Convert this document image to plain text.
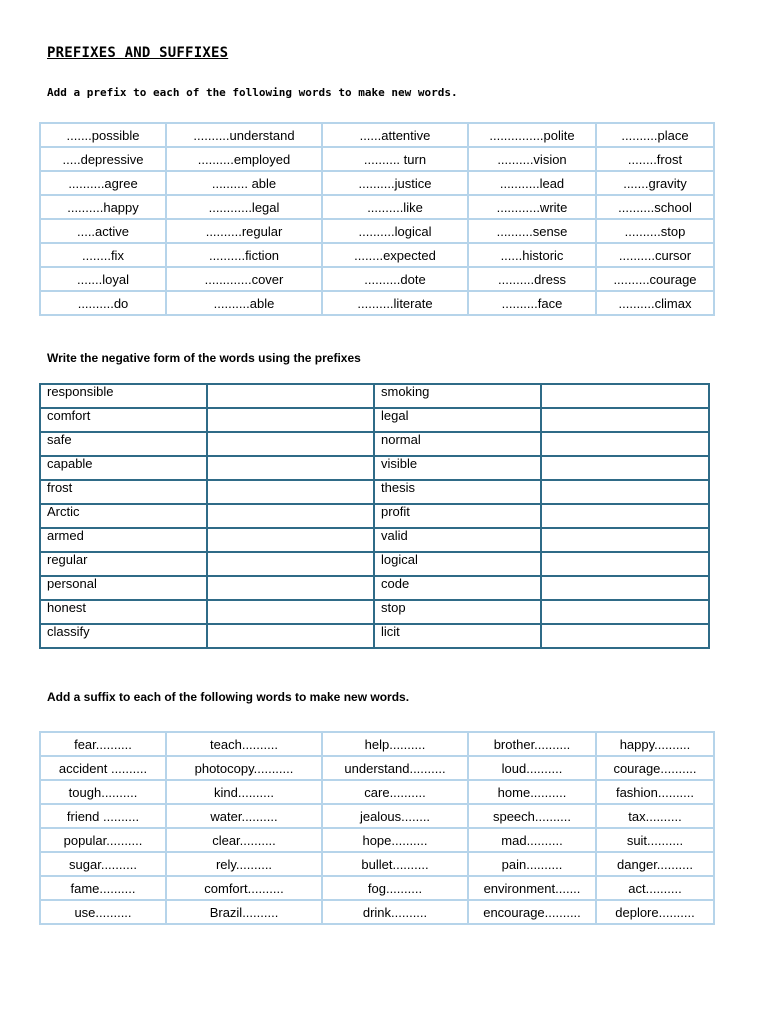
PREFIXES AND SUFFIXES
Add a prefix to each of the following words to make new words.
.......possible	..........understand	......attentive	...............polite	..........place
.....depressive	..........employed	.......... turn	..........vision	........frost
..........agree	.......... able	..........justice	...........lead	.......gravity
..........happy	............legal	..........like	............write	..........school
.....active	..........regular	..........logical	..........sense	..........stop
........fix	..........fiction	........expected	......historic	..........cursor
.......loyal	.............cover	..........dote	..........dress	..........courage
..........do	..........able	..........literate	..........face	..........climax
Write the negative form of the words using the prefixes
responsible		smoking	
comfort		legal	
safe		normal	
capable		visible	
frost		thesis	
Arctic		profit	
armed		valid	
regular		logical	
personal		code	
honest		stop	
classify		licit	
Add a suffix to each of the following words to make new words.
fear..........	teach..........	help..........	brother..........	happy..........
accident ..........	photocopy...........	understand..........	loud..........	courage..........
tough..........	kind..........	care..........	home..........	fashion..........
friend ..........	water..........	jealous........	speech..........	tax..........
popular..........	clear..........	hope..........	mad..........	suit..........
sugar..........	rely..........	bullet..........	pain..........	danger..........
fame..........	comfort..........	fog..........	environment.......	act..........
use..........	Brazil..........	drink..........	encourage..........	deplore..........
